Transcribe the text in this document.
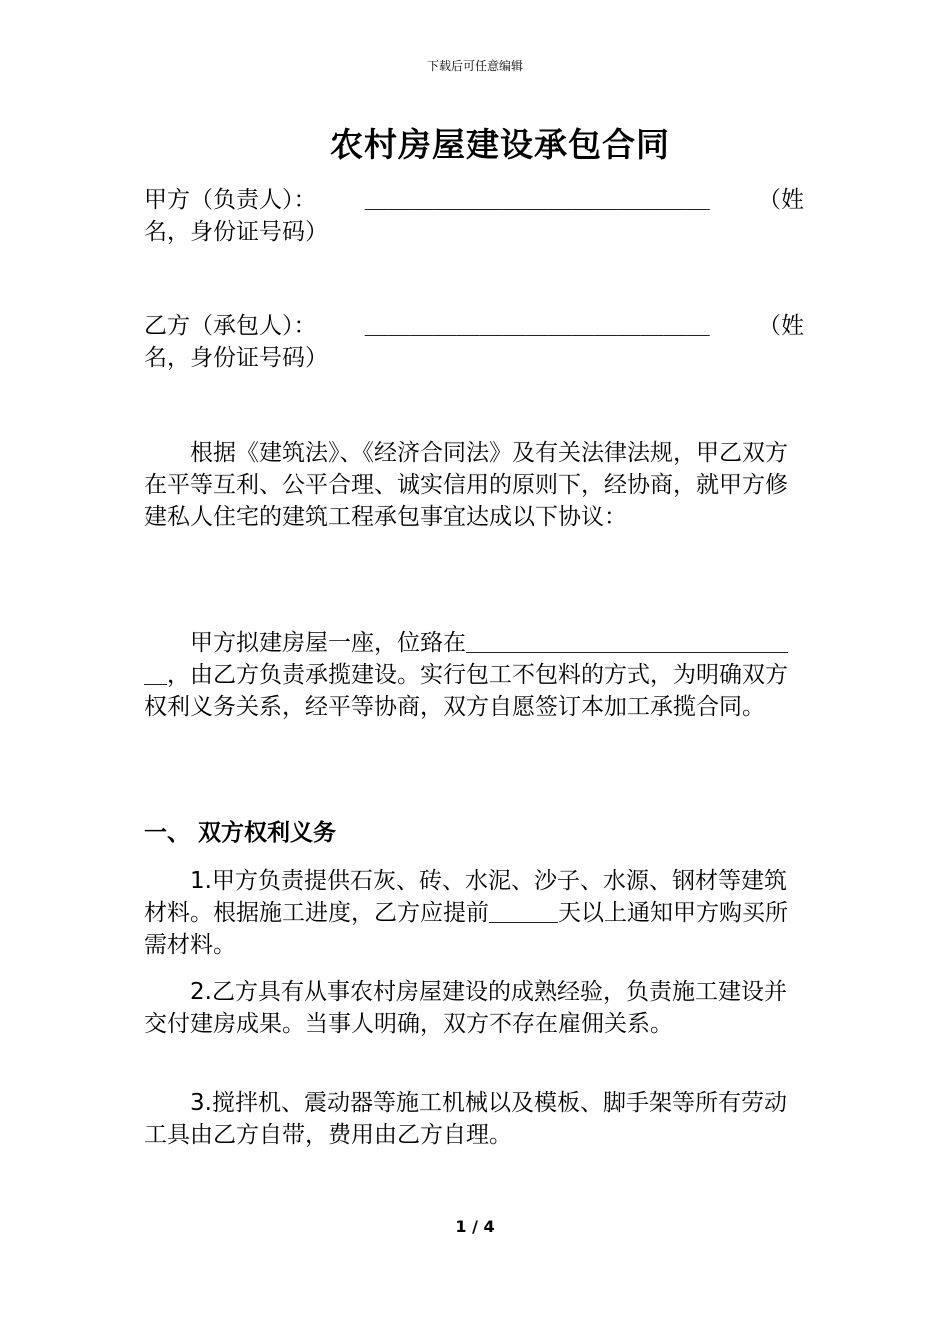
下载后可任意编辑
农村房屋建设承包合同
甲方（负责人）： ＿＿＿＿＿＿＿＿＿＿＿＿＿＿＿ （姓
名，身份证号码）
乙方（承包人）： ＿＿＿＿＿＿＿＿＿＿＿＿＿＿＿ （姓
名，身份证号码）
根据《建筑法》、《经济合同法》及有关法律法规，甲乙双方在平等互利、公平合理、诚实信用的原则下，经协商，就甲方修建私人住宅的建筑工程承包事宜达成以下协议：
甲方拟建房屋一座，位臵在＿＿＿＿＿＿＿＿＿＿＿＿＿＿＿，由乙方负责承揽建设。实行包工不包料的方式，为明确双方权利义务关系，经平等协商，双方自愿签订本加工承揽合同。
一、 双方权利义务
1.甲方负责提供石灰、砖、水泥、沙子、水源、钢材等建筑材料。根据施工进度，乙方应提前＿＿＿天以上通知甲方购买所需材料。
2.乙方具有从事农村房屋建设的成熟经验，负责施工建设并交付建房成果。当事人明确，双方不存在雇佣关系。
3.搅拌机、震动器等施工机械以及模板、脚手架等所有劳动工具由乙方自带，费用由乙方自理。
1 / 4
